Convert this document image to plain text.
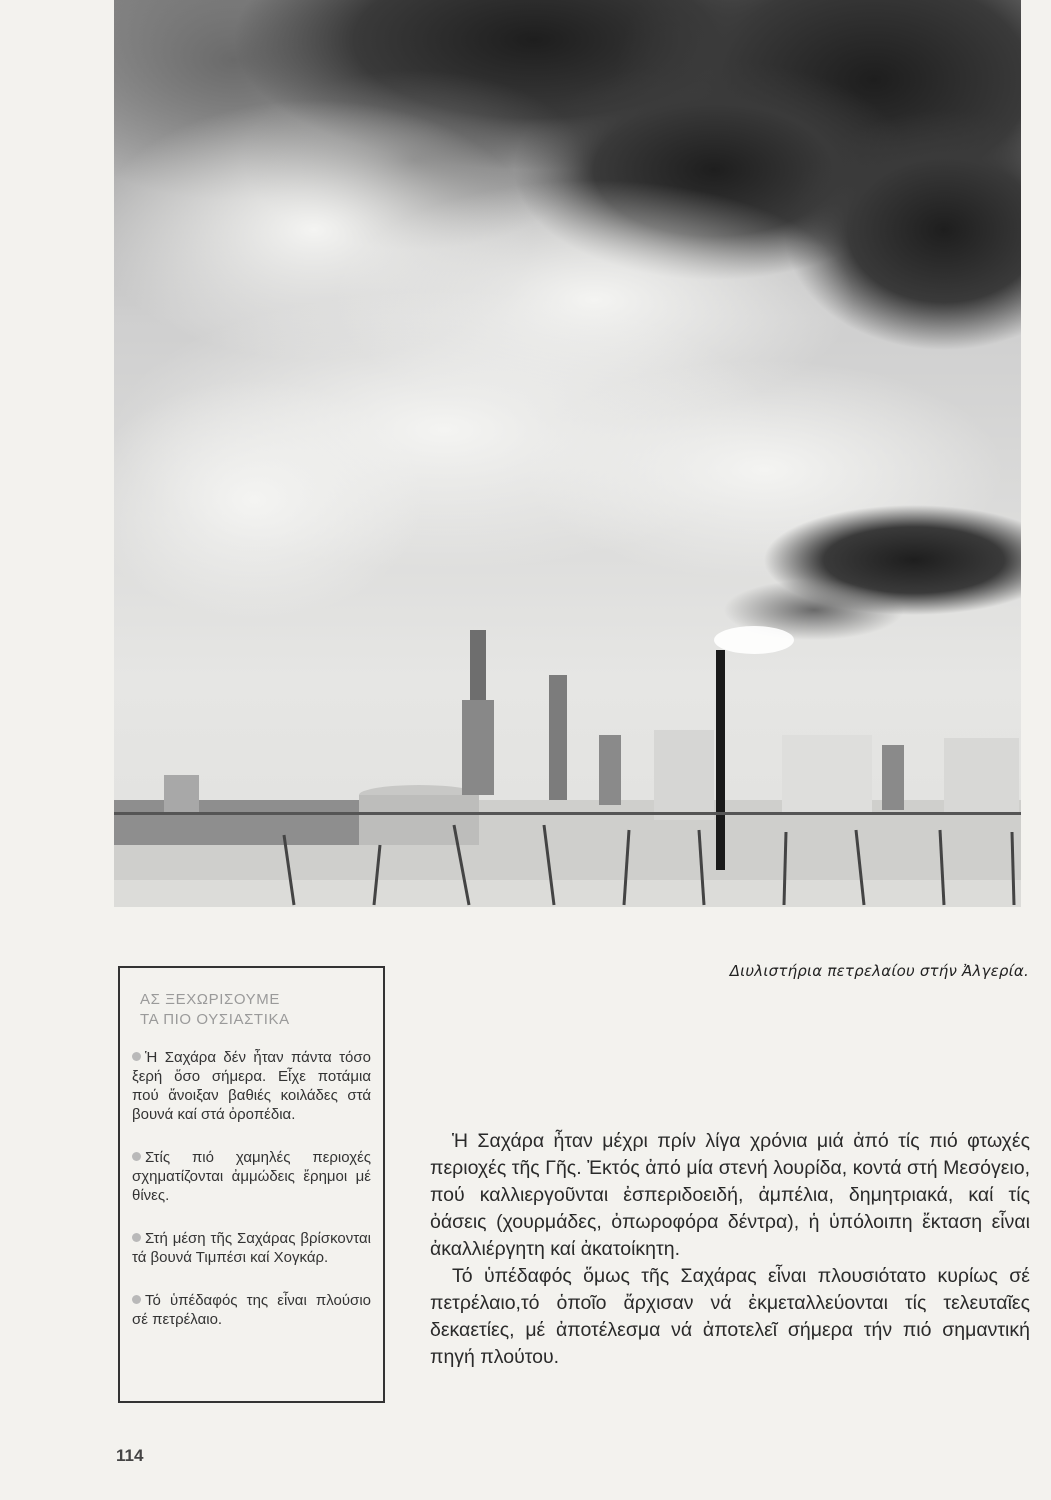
Διυλιστήρια πετρελαίου στήν Ἀλγερία.
ΑΣ ΞΕΧΩΡΙΣΟΥΜΕ
ΤΑ ΠΙΟ ΟΥΣΙΑΣΤΙΚΑ
Ἡ Σαχάρα δέν ἦταν πάντα τόσο ξερή ὅσο σήμερα. Εἶχε ποτάμια πού ἄνοιξαν βαθιές κοιλάδες στά βουνά καί στά ὀροπέδια.
Στίς πιό χαμηλές περιοχές σχηματίζονται ἀμμώδεις ἔρημοι μέ θίνες.
Στή μέση τῆς Σαχάρας βρίσκονται τά βουνά Τιμπέσι καί Χογκάρ.
Τό ὑπέδαφός της εἶναι πλούσιο σέ πετρέλαιο.

Ἡ Σαχάρα ἦταν μέχρι πρίν λίγα χρόνια μιά ἀπό τίς πιό φτωχές περιοχές τῆς Γῆς. Ἐκτός ἀπό μία στενή λουρίδα, κοντά στή Μεσόγειο, πού καλλιεργοῦνται ἐσπεριδοειδή, ἀμπέλια, δημητριακά, καί τίς ὀάσεις (χουρμάδες, ὀπωροφόρα δέντρα), ἡ ὑπόλοιπη ἔκταση εἶναι ἀκαλλιέργητη καί ἀκατοίκητη.

Τό ὑπέδαφός ὅμως τῆς Σαχάρας εἶναι πλουσιότατο κυρίως σέ πετρέλαιο,τό ὁποῖο ἄρχισαν νά ἐκμεταλλεύονται τίς τελευταῖες δεκαετίες, μέ ἀποτέλεσμα νά ἀποτελεῖ σήμερα τήν πιό σημαντική πηγή πλούτου.

114
